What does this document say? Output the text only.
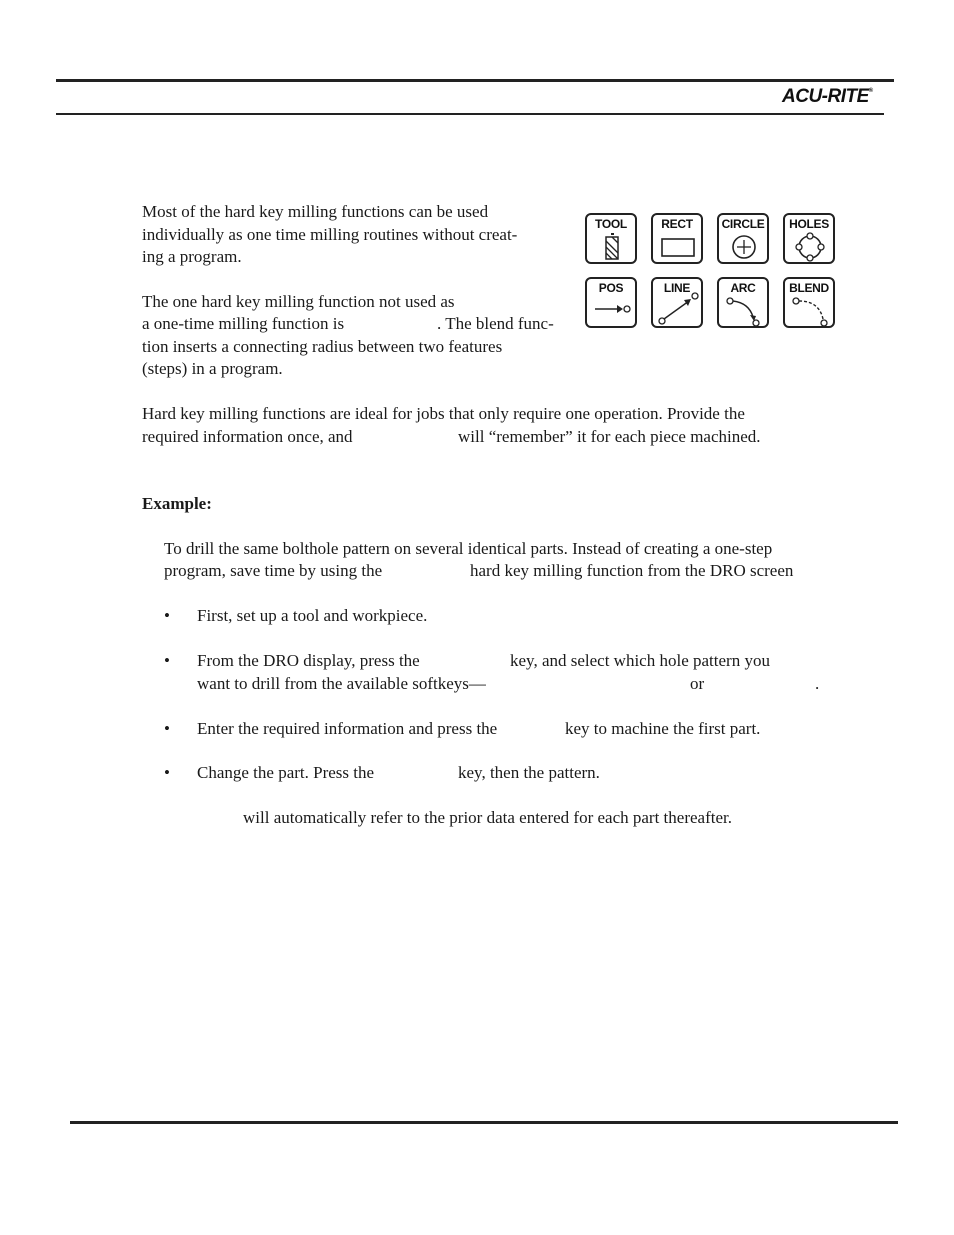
ACU-RITE®
Most of the hard key milling functions can be used
individually as one time milling routines without creat-
ing a program.
The one hard key milling function not used as
a one-time milling function is	. The blend func-
tion inserts a connecting radius between two features
(steps) in a program.
TOOL	RECT	CIRCLE	HOLES
POS	LINE	ARC	BLEND
Hard key milling functions are ideal for jobs that only require one operation. Provide the
required information once, and	will “remember” it for each piece machined.
Example:
To drill the same bolthole pattern on several identical parts. Instead of creating a one-step
program, save time by using the	hard key milling function from the DRO screen
• First, set up a tool and workpiece.
• From the DRO display, press the	key, and select which hole pattern you
want to drill from the available softkeys—	or	.
• Enter the required information and press the	key to machine the first part.
• Change the part. Press the	key, then the pattern.
will automatically refer to the prior data entered for each part thereafter.
